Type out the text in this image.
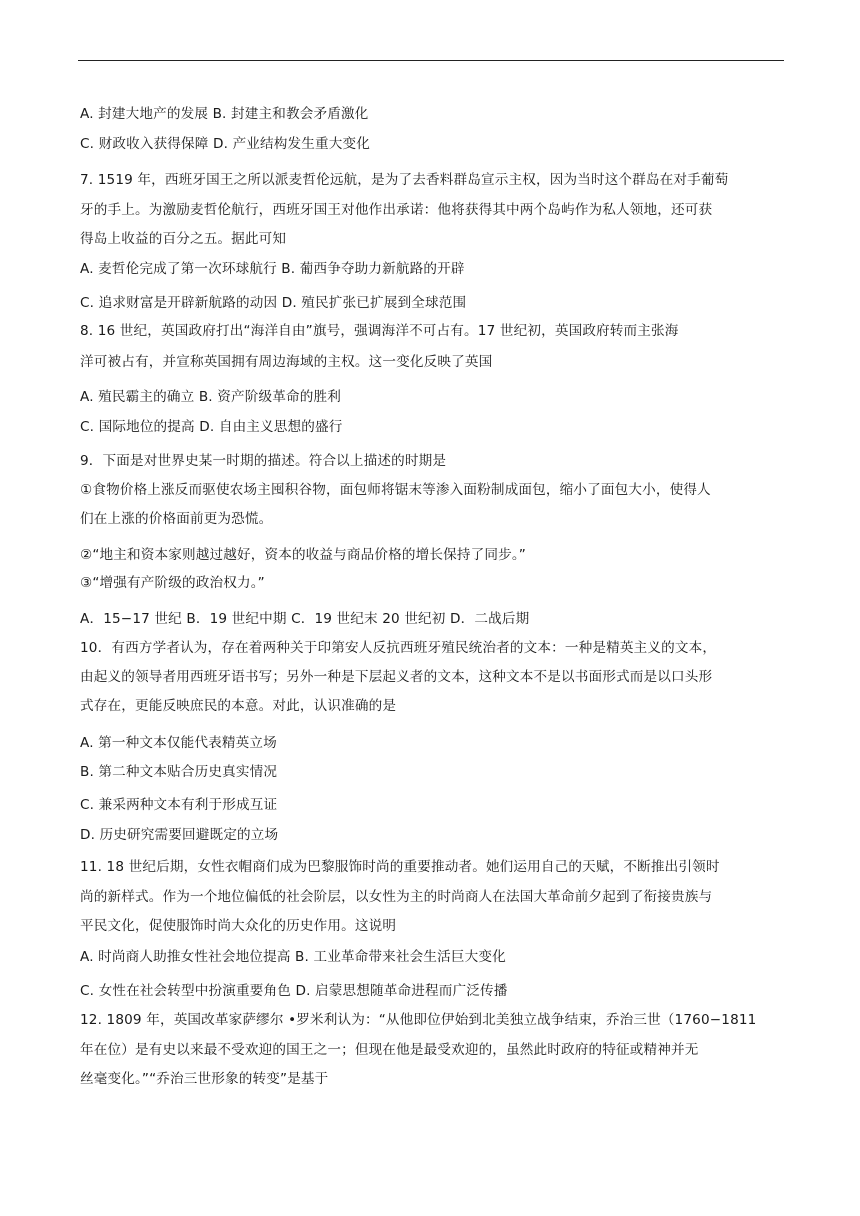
A. 封建大地产的发展 B. 封建主和教会矛盾激化
C. 财政收入获得保障 D. 产业结构发生重大变化
7. 1519 年，西班牙国王之所以派麦哲伦远航，是为了去香料群岛宣示主权，因为当时这个群岛在对手葡萄
牙的手上。为激励麦哲伦航行，西班牙国王对他作出承诺：他将获得其中两个岛屿作为私人领地，还可获
得岛上收益的百分之五。据此可知
A. 麦哲伦完成了第一次环球航行 B. 葡西争夺助力新航路的开辟
C. 追求财富是开辟新航路的动因 D. 殖民扩张已扩展到全球范围
8. 16 世纪，英国政府打出“海洋自由”旗号，强调海洋不可占有。17 世纪初，英国政府转而主张海
洋可被占有，并宣称英国拥有周边海域的主权。这一变化反映了英国
A. 殖民霸主的确立 B. 资产阶级革命的胜利
C. 国际地位的提高 D. 自由主义思想的盛行
9．下面是对世界史某一时期的描述。符合以上描述的时期是
①食物价格上涨反而驱使农场主囤积谷物，面包师将锯末等渗入面粉制成面包，缩小了面包大小，使得人
们在上涨的价格面前更为恐慌。
②“地主和资本家则越过越好，资本的收益与商品价格的增长保持了同步。”
③“增强有产阶级的政治权力。”
A．15−17 世纪 B．19 世纪中期 C．19 世纪末 20 世纪初 D．二战后期
10．有西方学者认为，存在着两种关于印第安人反抗西班牙殖民统治者的文本：一种是精英主义的文本，
由起义的领导者用西班牙语书写；另外一种是下层起义者的文本，这种文本不是以书面形式而是以口头形
式存在，更能反映庶民的本意。对此，认识准确的是
A. 第一种文本仅能代表精英立场
B. 第二种文本贴合历史真实情况
C. 兼采两种文本有利于形成互证
D. 历史研究需要回避既定的立场
11. 18 世纪后期，女性衣帽商们成为巴黎服饰时尚的重要推动者。她们运用自己的天赋，不断推出引领时
尚的新样式。作为一个地位偏低的社会阶层，以女性为主的时尚商人在法国大革命前夕起到了衔接贵族与
平民文化，促使服饰时尚大众化的历史作用。这说明
A. 时尚商人助推女性社会地位提高 B. 工业革命带来社会生活巨大变化
C. 女性在社会转型中扮演重要角色 D. 启蒙思想随革命进程而广泛传播
12. 1809 年，英国改革家萨缪尔 •罗米利认为：“从他即位伊始到北美独立战争结束，乔治三世（1760−1811
年在位）是有史以来最不受欢迎的国王之一；但现在他是最受欢迎的，虽然此时政府的特征或精神并无
丝毫变化。”“乔治三世形象的转变”是基于
